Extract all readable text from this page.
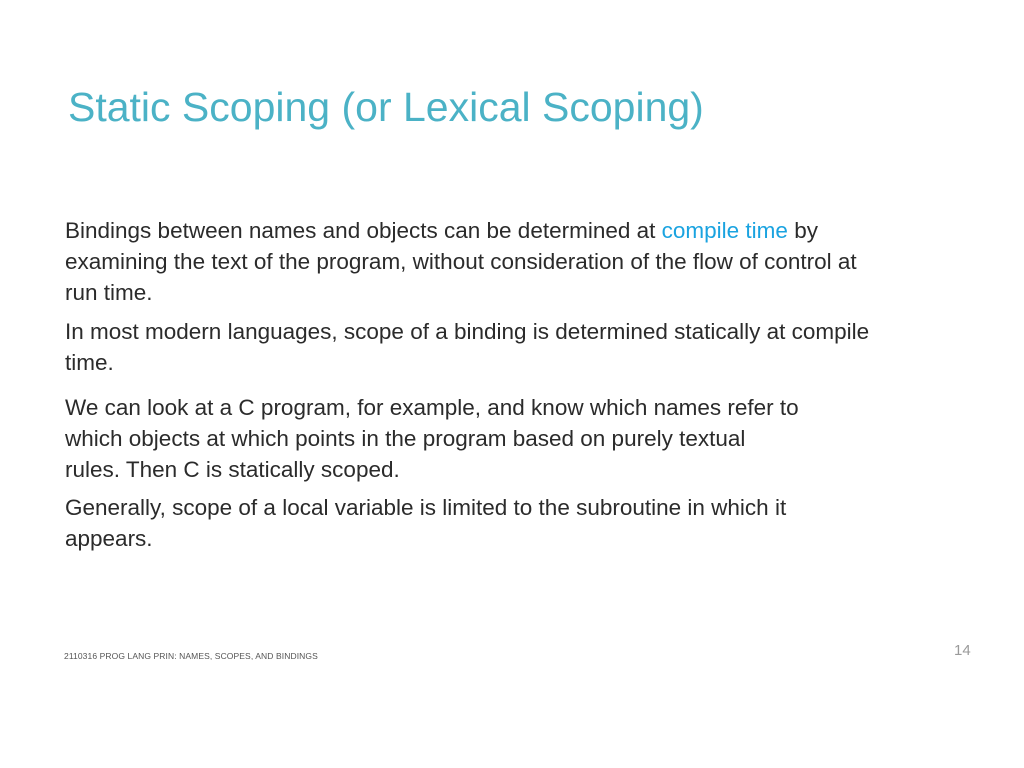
Static Scoping (or Lexical Scoping)
Bindings between names and objects can be determined at compile time by
examining the text of the program, without consideration of the flow of control at
run time.
In most modern languages, scope of a binding is determined statically at compile
time.
We can look at a C program, for example, and know which names refer to
which objects at which points in the program based on purely textual
rules. Then C is statically scoped.
Generally, scope of a local variable is limited to the subroutine in which it
appears.
2110316 PROG LANG PRIN: NAMES, SCOPES, AND BINDINGS	14
